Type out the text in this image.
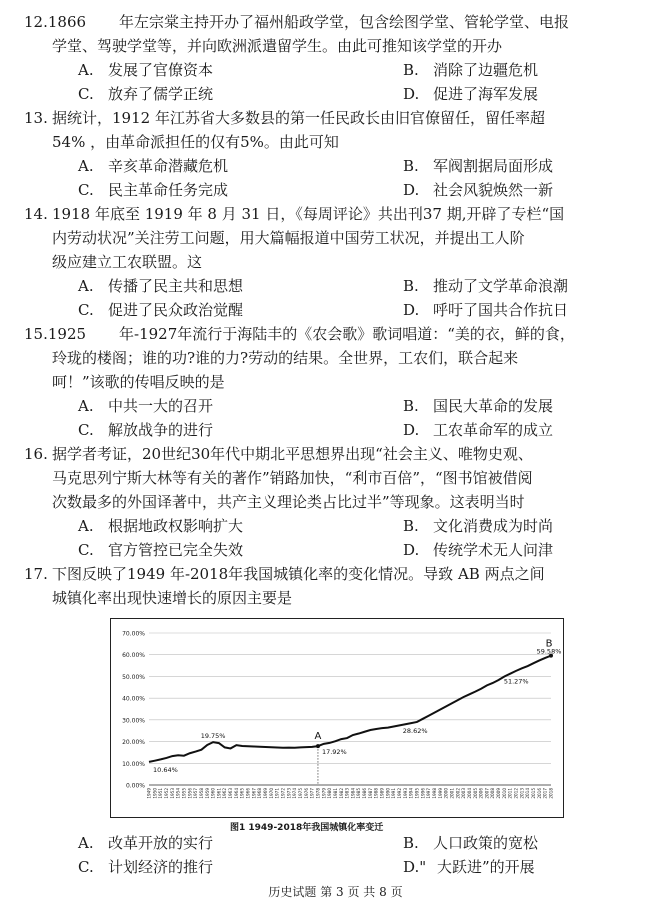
12.1866 年左宗棠主持开办了福州船政学堂，包含绘图学堂、管轮学堂、电报
学堂、驾驶学堂等，并向欧洲派遣留学生。由此可推知该学堂的开办
A. 发展了官僚资本	B. 消除了边疆危机
C. 放弃了儒学正统	D. 促进了海军发展
13. 据统计，1912 年江苏省大多数县的第一任民政长由旧官僚留任，留任率超
54% ，由革命派担任的仅有5%。由此可知
A. 辛亥革命潜藏危机	B. 军阀割据局面形成
C. 民主革命任务完成	D. 社会风貌焕然一新
14. 1918 年底至 1919 年 8 月 31 日，《每周评论》共出刊37 期,开辟了专栏“国
内劳动状况”关注劳工问题，用大篇幅报道中国劳工状况，并提出工人阶
级应建立工农联盟。这
A. 传播了民主共和思想	B. 推动了文学革命浪潮
C. 促进了民众政治觉醒	D. 呼吁了国共合作抗日
15.1925 年-1927年流行于海陆丰的《农会歌》歌词唱道：“美的衣，鲜的食，
玲珑的楼阁；谁的功?谁的力?劳动的结果。全世界，工农们，联合起来
呵！”该歌的传唱反映的是
A. 中共一大的召开	B. 国民大革命的发展
C. 解放战争的进行	D. 工农革命军的成立
16. 据学者考证，20世纪30年代中期北平思想界出现“社会主义、唯物史观、
马克思列宁斯大林等有关的著作”销路加快，“利市百倍”，“图书馆被借阅
次数最多的外国译著中，共产主义理论类占比过半”等现象。这表明当时
A. 根据地政权影响扩大	B. 文化消费成为时尚
C. 官方管控已完全失效	D. 传统学术无人问津
17. 下图反映了1949 年-2018年我国城镇化率的变化情况。导致 AB 两点之间
城镇化率出现快速增长的原因主要是
0.00%
10.00%
20.00%
30.00%
40.00%
50.00%
60.00%
70.00%
1949 1950 1951 1952 1953 1954 1955 1956 1957 1958 1959 1960 1961 1962 1963 1964 1965 1966 1967 1968 1969 1970 1971 1972 1973 1974 1975 1976 1977 1978 1979 1980 1981 1982 1983 1984 1985 1986 1987 1988 1989 1990 1991 1992 1993 1994 1995 1996 1997 1998 1999 2000 2001 2002 2003 2004 2005 2006 2007 2008 2009 2010 2011 2012 2013 2014 2015 2016 2017 2018
A
B
10.64%
19.75%
17.92%
28.62%
51.27%
59.58%
图1 1949-2018年我国城镇化率变迁
A. 改革开放的实行	B. 人口政策的宽松
C. 计划经济的推行	D." 大跃进”的开展
历史试题 第 3 页 共 8 页
